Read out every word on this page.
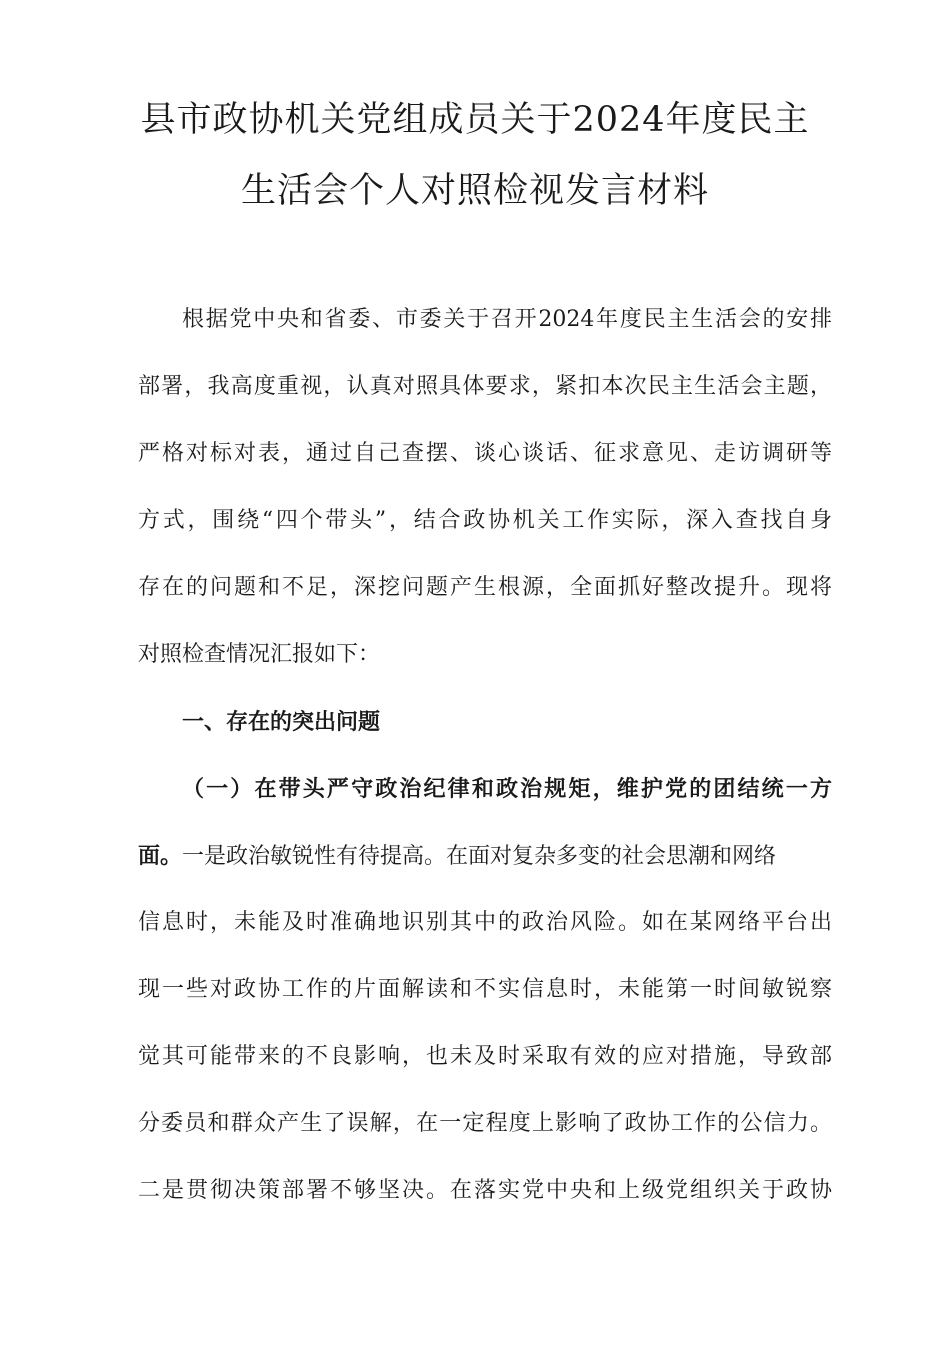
县市政协机关党组成员关于2024年度民主
生活会个人对照检视发言材料
根据党中央和省委、市委关于召开2024年度民主生活会的安排
部署，我高度重视，认真对照具体要求，紧扣本次民主生活会主题，
严格对标对表，通过自己查摆、谈心谈话、征求意见、走访调研等
方式，围绕“四个带头”，结合政协机关工作实际，深入查找自身
存在的问题和不足，深挖问题产生根源，全面抓好整改提升。现将
对照检查情况汇报如下：
一、存在的突出问题
（一）在带头严守政治纪律和政治规矩，维护党的团结统一方
面。一是政治敏锐性有待提高。在面对复杂多变的社会思潮和网络
信息时，未能及时准确地识别其中的政治风险。如在某网络平台出
现一些对政协工作的片面解读和不实信息时，未能第一时间敏锐察
觉其可能带来的不良影响，也未及时采取有效的应对措施，导致部
分委员和群众产生了误解，在一定程度上影响了政协工作的公信力。
二是贯彻决策部署不够坚决。在落实党中央和上级党组织关于政协
